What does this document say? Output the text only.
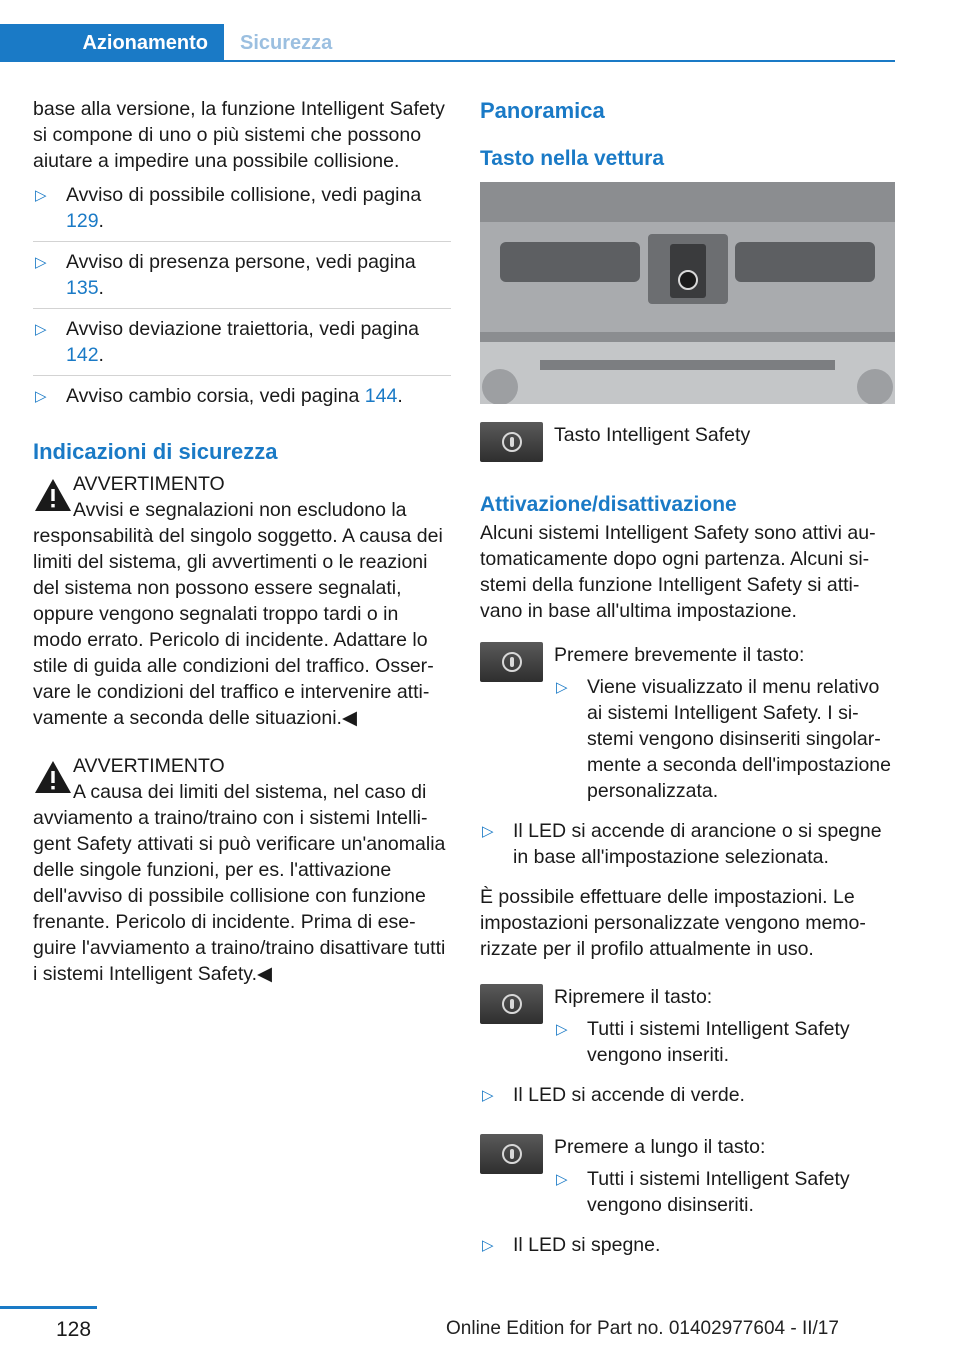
Azionamento	Sicurezza

base alla versione, la funzione Intelligent Safety si compone di uno o più sistemi che possono aiutare a impedire una possibile collisione.

▷ Avviso di possibile collisione, vedi pagina 129.
▷ Avviso di presenza persone, vedi pagina 135.
▷ Avviso deviazione traiettoria, vedi pagina 142.
▷ Avviso cambio corsia, vedi pagina 144.
Indicazioni di sicurezza
AVVERTIMENTO
Avvisi e segnalazioni non escludono la responsabilità del singolo soggetto. A causa dei limiti del sistema, gli avvertimenti o le reazioni del sistema non possono essere segnalati, oppure vengono segnalati troppo tardi o in modo errato. Pericolo di incidente. Adattare lo stile di guida alle condizioni del traffico. Osservare le condizioni del traffico e intervenire attivamente a seconda delle situazioni.◀
AVVERTIMENTO
A causa dei limiti del sistema, nel caso di avviamento a traino/traino con i sistemi Intelligent Safety attivati si può verificare un'anomalia delle singole funzioni, per es. l'attivazione dell'avviso di possibile collisione con funzione frenante. Pericolo di incidente. Prima di eseguire l'avviamento a traino/traino disattivare tutti i sistemi Intelligent Safety.◀
Panoramica
Tasto nella vettura
Tasto Intelligent Safety
Attivazione/disattivazione

Alcuni sistemi Intelligent Safety sono attivi automaticamente dopo ogni partenza. Alcuni sistemi della funzione Intelligent Safety si attivano in base all'ultima impostazione.

Premere brevemente il tasto:
▷ Viene visualizzato il menu relativo ai sistemi Intelligent Safety. I sistemi vengono disinseriti singolarmente a seconda dell'impostazione personalizzata.
▷ Il LED si accende di arancione o si spegne in base all'impostazione selezionata.

È possibile effettuare delle impostazioni. Le impostazioni personalizzate vengono memorizzate per il profilo attualmente in uso.

Ripremere il tasto:
▷ Tutti i sistemi Intelligent Safety vengono inseriti.
▷ Il LED si accende di verde.
Premere a lungo il tasto:
▷ Tutti i sistemi Intelligent Safety vengono disinseriti.
▷ Il LED si spegne.
128	Online Edition for Part no. 01402977604 - II/17
